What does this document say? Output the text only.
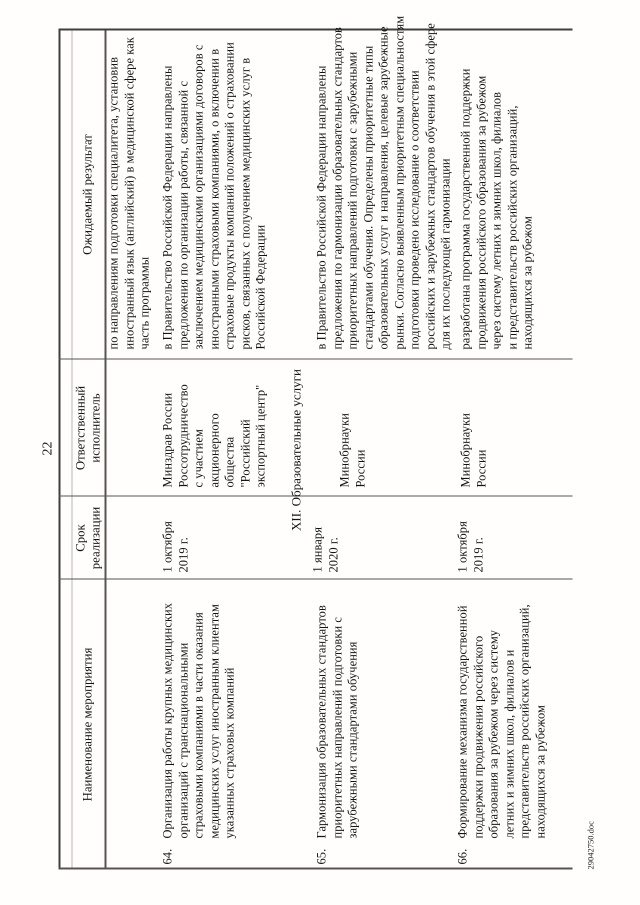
22
Наименование мероприятия
Срок реализации
Ответственный исполнитель
Ожидаемый результат по направлениям подготовки специалитета, установив иностранный язык (английский) в медицинской сфере как часть программы
64.
Организация работы крупных медицинских организаций с транснациональными страховыми компаниями в части оказания медицинских услуг иностранным клиентам указанных страховых компаний
1 октября 2019 г.
Минздрав России Россотрудничество с участием акционерного общества "Российский экспортный центр"
в Правительство Российской Федерации направлены предложения по организации работы, связанной с заключением медицинскими организациями договоров с иностранными страховыми компаниями, о включении в страховые продукты компаний положений о страховании рисков, связанных с получением медицинских услуг в Российской Федерации
XII. Образовательные услуги
65.
Гармонизация образовательных стандартов приоритетных направлений подготовки с зарубежными стандартами обучения
1 января 2020 г.
Минобрнауки России
в Правительство Российской Федерации направлены предложения по гармонизации образовательных стандартов приоритетных направлений подготовки с зарубежными стандартами обучения. Определены приоритетные типы образовательных услуг и направления, целевые зарубежные рынки. Согласно выявленным приоритетным специальностям подготовки проведено исследование о соответствии российских и зарубежных стандартов обучения в этой сфере для их последующей гармонизации
66.
Формирование механизма государственной поддержки продвижения российского образования за рубежом через систему летних и зимних школ, филиалов и представительств российских организаций, находящихся за рубежом
1 октября 2019 г.
Минобрнауки России
разработана программа государственной поддержки продвижения российского образования за рубежом через систему летних и зимних школ, филиалов и представительств российских организаций, находящихся за рубежом
29042750.doc
